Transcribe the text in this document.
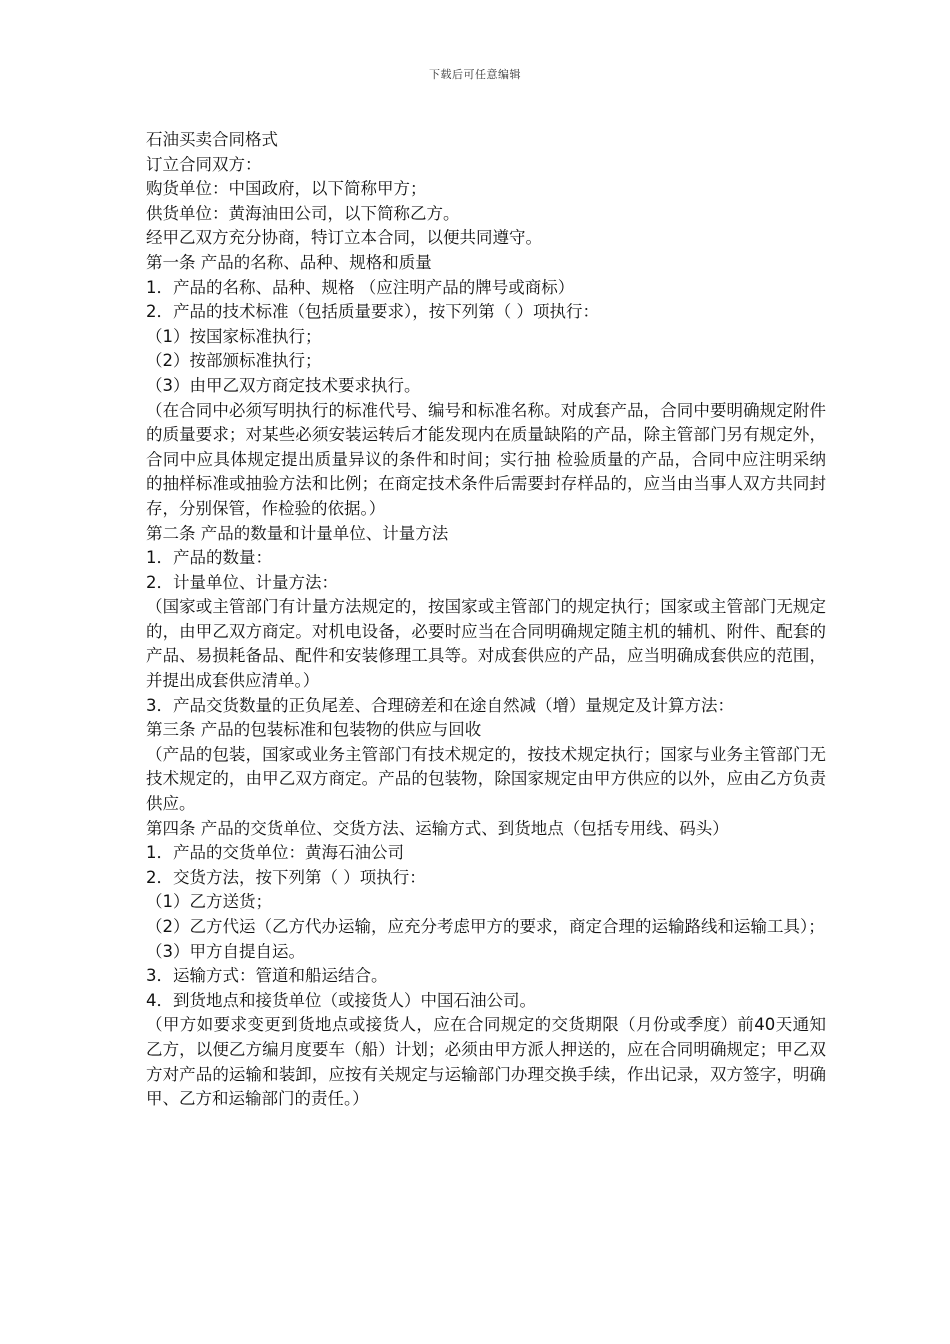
下载后可任意编辑
石油买卖合同格式
订立合同双方：
购货单位：中国政府，以下简称甲方；
供货单位：黄海油田公司，以下简称乙方。
经甲乙双方充分协商，特订立本合同，以便共同遵守。
第一条 产品的名称、品种、规格和质量
1．产品的名称、品种、规格 （应注明产品的牌号或商标）
2．产品的技术标准（包括质量要求），按下列第（ ）项执行：
（1）按国家标准执行；
（2）按部颁标准执行；
（3）由甲乙双方商定技术要求执行。
（在合同中必须写明执行的标准代号、编号和标准名称。对成套产品，合同中要明确规定附件的质量要求；对某些必须安装运转后才能发现内在质量缺陷的产品，除主管部门另有规定外，合同中应具体规定提出质量异议的条件和时间；实行抽 检验质量的产品，合同中应注明采纳的抽样标准或抽验方法和比例；在商定技术条件后需要封存样品的，应当由当事人双方共同封存，分别保管，作检验的依据。）
第二条 产品的数量和计量单位、计量方法
1．产品的数量：
2．计量单位、计量方法：
（国家或主管部门有计量方法规定的，按国家或主管部门的规定执行；国家或主管部门无规定的，由甲乙双方商定。对机电设备，必要时应当在合同明确规定随主机的辅机、附件、配套的产品、易损耗备品、配件和安装修理工具等。对成套供应的产品，应当明确成套供应的范围，并提出成套供应清单。）
3．产品交货数量的正负尾差、合理磅差和在途自然减（增）量规定及计算方法：
第三条 产品的包装标准和包装物的供应与回收
（产品的包装，国家或业务主管部门有技术规定的，按技术规定执行；国家与业务主管部门无技术规定的，由甲乙双方商定。产品的包装物，除国家规定由甲方供应的以外，应由乙方负责供应。
第四条 产品的交货单位、交货方法、运输方式、到货地点（包括专用线、码头）
1．产品的交货单位：黄海石油公司
2．交货方法，按下列第（ ）项执行：
（1）乙方送货；
（2）乙方代运（乙方代办运输，应充分考虑甲方的要求，商定合理的运输路线和运输工具）；
（3）甲方自提自运。
3．运输方式：管道和船运结合。
4．到货地点和接货单位（或接货人）中国石油公司。
（甲方如要求变更到货地点或接货人，应在合同规定的交货期限（月份或季度）前40天通知乙方，以便乙方编月度要车（船）计划；必须由甲方派人押送的，应在合同明确规定；甲乙双方对产品的运输和装卸，应按有关规定与运输部门办理交换手续，作出记录，双方签字，明确甲、乙方和运输部门的责任。）
